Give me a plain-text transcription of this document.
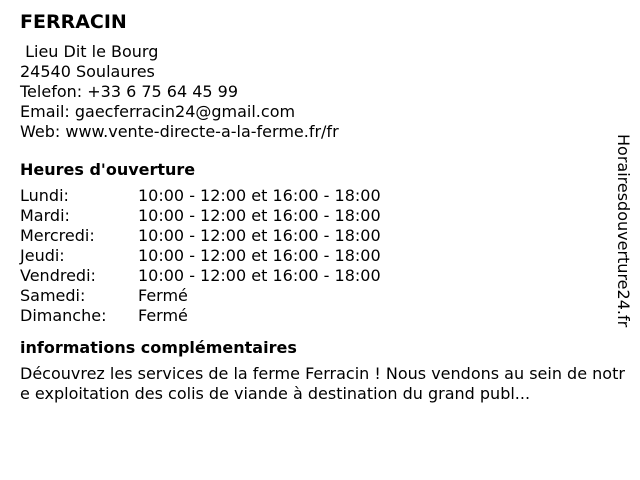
FERRACIN
Lieu Dit le Bourg
24540 Soulaures
Telefon: +33 6 75 64 45 99
Email: gaecferracin24@gmail.com
Web: www.vente-directe-a-la-ferme.fr/fr
Heures d'ouverture
Lundi:	10:00 - 12:00 et 16:00 - 18:00
Mardi:	10:00 - 12:00 et 16:00 - 18:00
Mercredi:	10:00 - 12:00 et 16:00 - 18:00
Jeudi:	10:00 - 12:00 et 16:00 - 18:00
Vendredi:	10:00 - 12:00 et 16:00 - 18:00
Samedi:	Fermé
Dimanche:	Fermé
informations complémentaires
Découvrez les services de la ferme Ferracin ! Nous vendons au sein de notre exploitation des colis de viande à destination du grand publ...
Horairesdouverture24.fr
